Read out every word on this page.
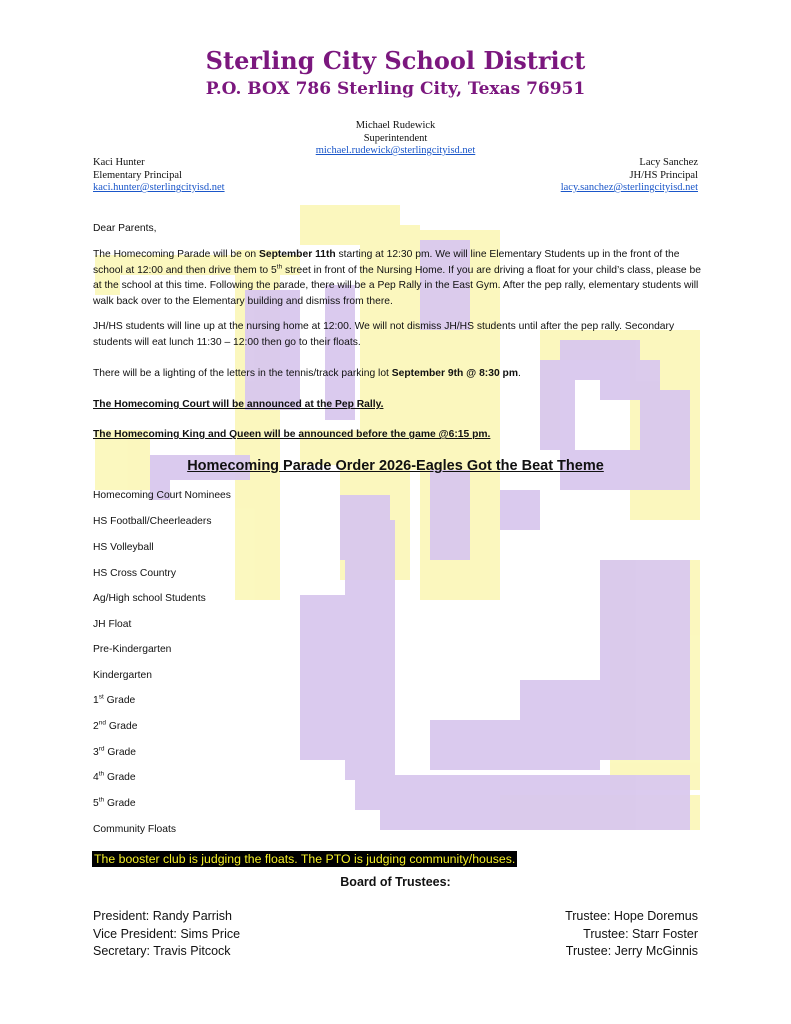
Sterling City School District
P.O. BOX 786 Sterling City, Texas 76951
Michael Rudewick
Superintendent
michael.rudewick@sterlingcityisd.net
Kaci Hunter
Elementary Principal
kaci.hunter@sterlingcityisd.net
Lacy Sanchez
JH/HS Principal
lacy.sanchez@sterlingcityisd.net

Dear Parents,

The Homecoming Parade will be on September 11th starting at 12:30 pm. We will line Elementary Students up in the front of the school at 12:00 and then drive them to 5th street in front of the Nursing Home. If you are driving a float for your child’s class, please be at the school at this time. Following the parade, there will be a Pep Rally in the East Gym. After the pep rally, elementary students will walk back over to the Elementary building and dismiss from there.

JH/HS students will line up at the nursing home at 12:00. We will not dismiss JH/HS students until after the pep rally. Secondary students will eat lunch 11:30 – 12:00 then go to their floats.

There will be a lighting of the letters in the tennis/track parking lot September 9th @ 8:30 pm.

The Homecoming Court will be announced at the Pep Rally.

The Homecoming King and Queen will be announced before the game @6:15 pm.

Homecoming Parade Order 2026-Eagles Got the Beat Theme

Homecoming Court Nominees

HS Football/Cheerleaders

HS Volleyball

HS Cross Country

Ag/High school Students

JH Float

Pre-Kindergarten

Kindergarten

1st Grade

2nd Grade

3rd Grade

4th Grade

5th Grade

Community Floats

The booster club is judging the floats. The PTO is judging community/houses.

Board of Trustees:

President: Randy Parrish
Vice President: Sims Price
Secretary: Travis Pitcock
Trustee: Hope Doremus
Trustee: Starr Foster
Trustee: Jerry McGinnis
